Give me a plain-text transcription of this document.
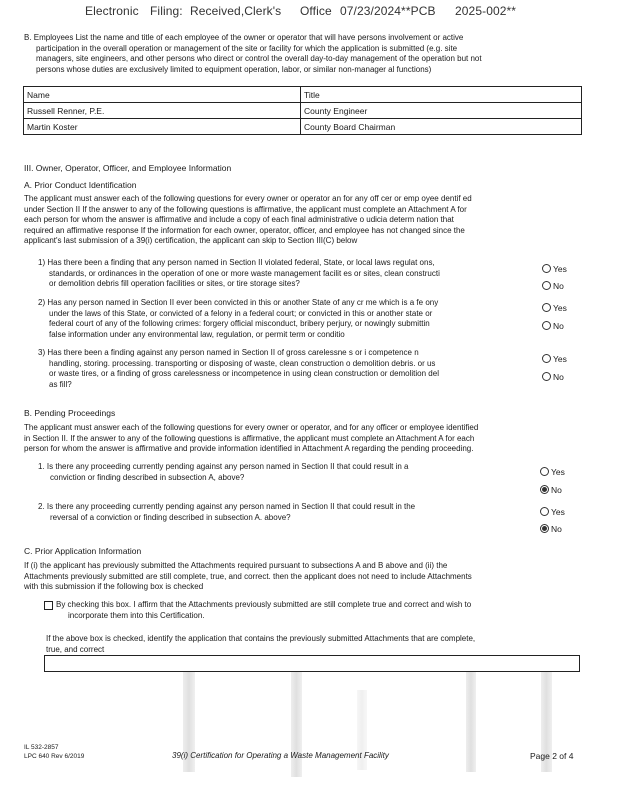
Electronic Filing: Received,Clerk's Office 07/23/2024**PCB 2025-002**
B. Employees List the name and title of each employee of the owner or operator that will have persons involvement or active
participation in the overall operation or management of the site or facility for which the application is submitted (e.g. site
managers, site engineers, and other persons who direct or control the overall day-to-day management of the operation but not
persons whose duties are exclusively limited to equipment operation, labor, or similar non-manager al functions)
Name	Title
Russell Renner, P.E.	County Engineer
Martin Koster	County Board Chairman
III. Owner, Operator, Officer, and Employee Information
A. Prior Conduct Identification
The applicant must answer each of the following questions for every owner or operator an for any off cer or emp oyee dentif ed
under Section II If the answer to any of the following questions is affirmative, the applicant must complete an Attachment A for
each person for whom the answer is affirmative and include a copy of each final administrative o udicia determ nation that
required an affirmative response If the information for each owner, operator, officer, and employee has not changed since the
applicant's last submission of a 39(i) certification, the applicant can skip to Section III(C) below
1) Has there been a finding that any person named in Section II violated federal, State, or local laws regulat ons,
standards, or ordinances in the operation of one or more waste management facilit es or sites, clean constructi
or demolition debris fill operation facilities or sites, or tire storage sites?
Yes
No
2) Has any person named in Section II ever been convicted in this or another State of any cr me which is a fe ony
under the laws of this State, or convicted of a felony in a federal court; or convicted in this or another state or
federal court of any of the following crimes: forgery official misconduct, bribery perjury, or nowingly submittin
false information under any environmental law, regulation, or permit term or conditio
Yes
No
3) Has there been a finding against any person named in Section II of gross carelessne s or i competence n
handling, storing. processing. transporting or disposing of waste, clean construction o demolition debris. or us
or waste tires, or a finding of gross carelessness or incompetence in using clean construction or demolition del
as fill?
Yes
No
B. Pending Proceedings
The applicant must answer each of the following questions for every owner or operator, and for any officer or employee identified
in Section II. If the answer to any of the following questions is affirmative, the applicant must complete an Attachment A for each
person for whom the answer is affirmative and provide information identified in Attachment A regarding the pending proceeding.
1. Is there any proceeding currently pending against any person named in Section II that could result in a
conviction or finding described in subsection A, above?
Yes
No
2. Is there any proceeding currently pending against any person named in Section II that could result in the
reversal of a conviction or finding described in subsection A. above?
Yes
No
C. Prior Application Information
If (i) the applicant has previously submitted the Attachments required pursuant to subsections A and B above and (ii) the
Attachments previously submitted are still complete, true, and correct. then the applicant does not need to include Attachments
with this submission if the following box is checked
By checking this box. I affirm that the Attachments previously submitted are still complete true and correct and wish to
incorporate them into this Certification.
If the above box is checked, identify the application that contains the previously submitted Attachments that are complete,
true, and correct
IL 532-2857
LPC 640 Rev 6/2019	39(i) Certification for Operating a Waste Management Facility	Page 2 of 4
